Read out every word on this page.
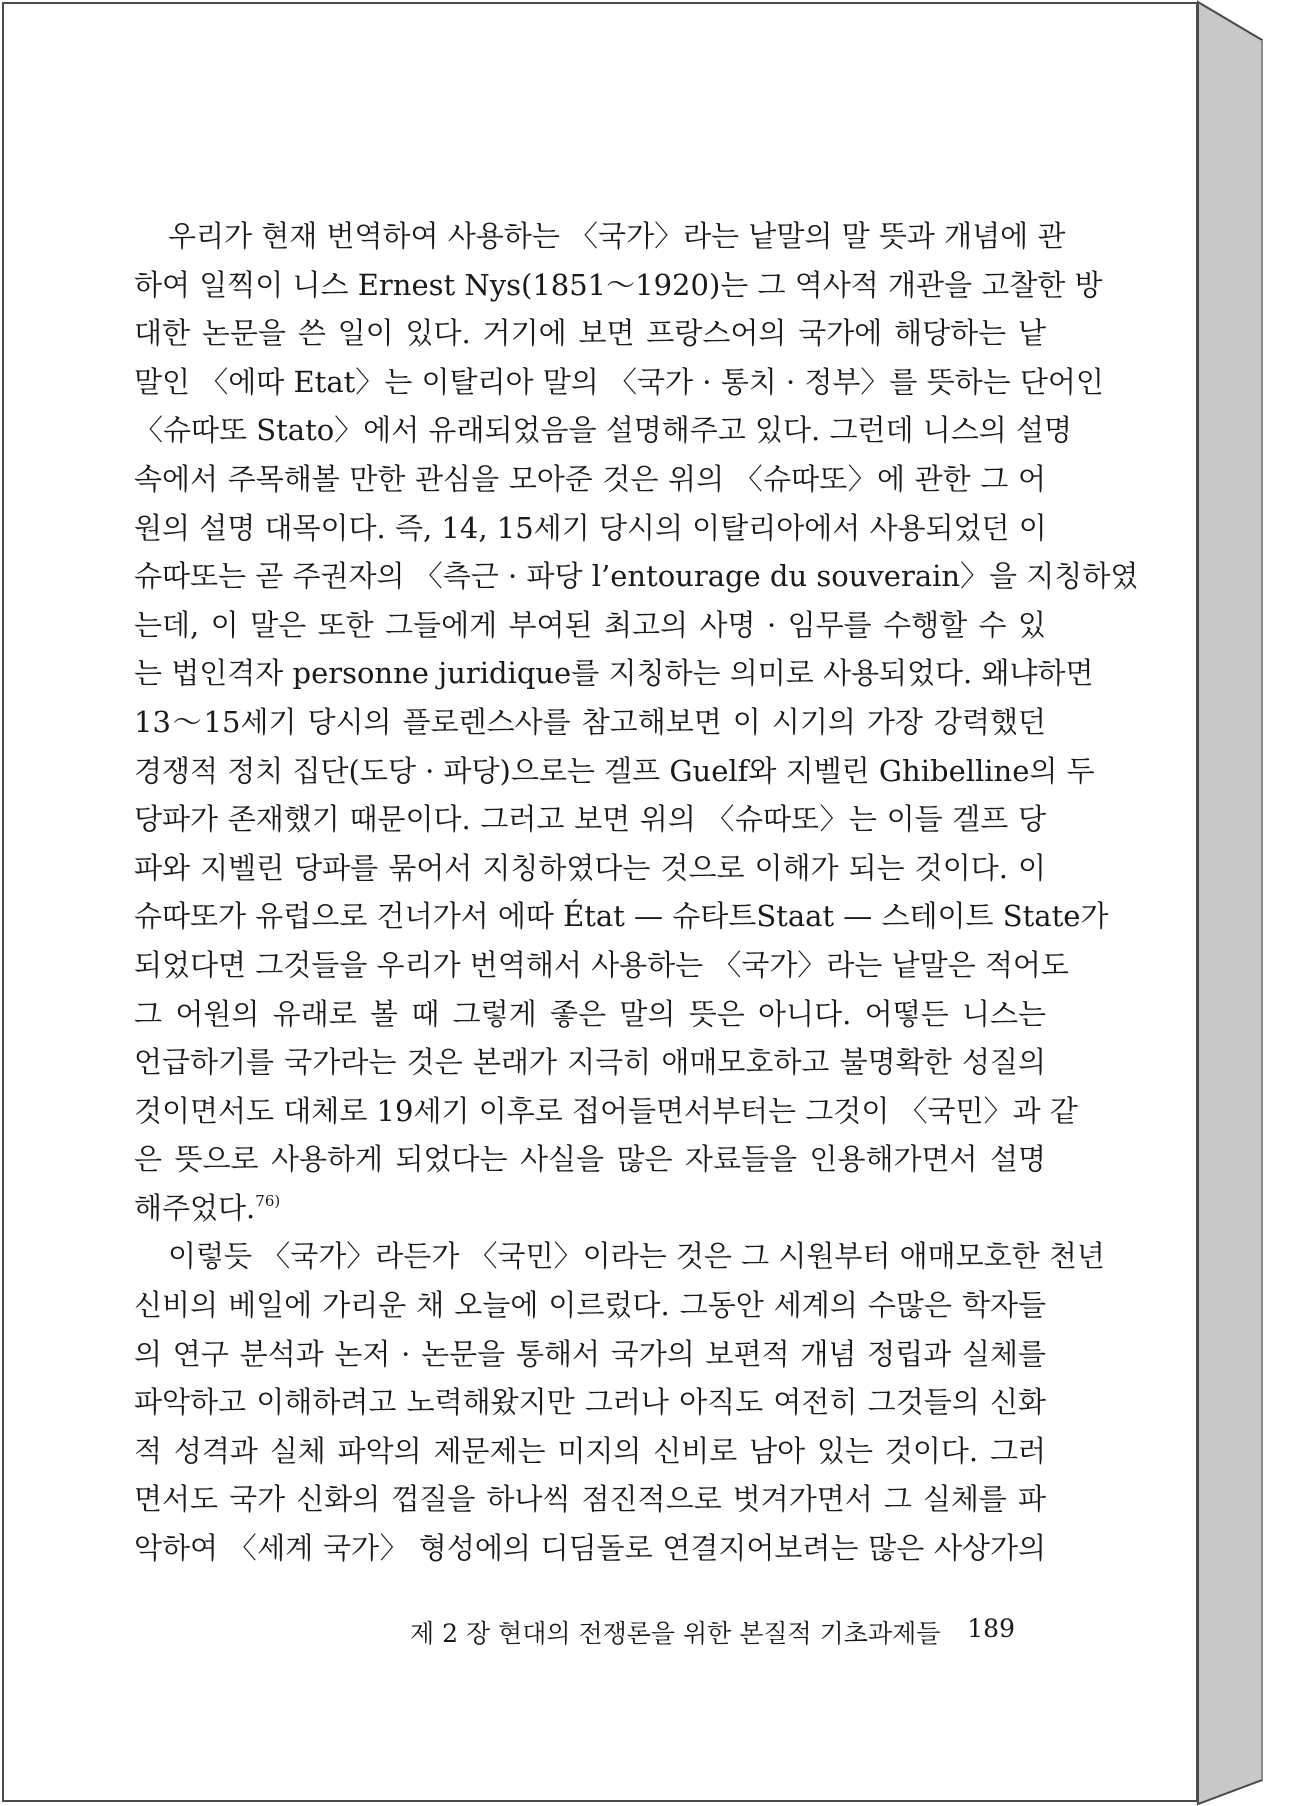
우리가 현재 번역하여 사용하는 〈국가〉라는 낱말의 말 뜻과 개념에 관
하여 일찍이 니스 Ernest Nys(1851～1920)는 그 역사적 개관을 고찰한 방
대한 논문을 쓴 일이 있다. 거기에 보면 프랑스어의 국가에 해당하는 낱
말인 〈에따 Etat〉는 이탈리아 말의 〈국가 · 통치 · 정부〉를 뜻하는 단어인
〈슈따또 Stato〉에서 유래되었음을 설명해주고 있다. 그런데 니스의 설명
속에서 주목해볼 만한 관심을 모아준 것은 위의 〈슈따또〉에 관한 그 어
원의 설명 대목이다. 즉, 14, 15세기 당시의 이탈리아에서 사용되었던 이
슈따또는 곧 주권자의 〈측근 · 파당 l’entourage du souverain〉을 지칭하였
는데, 이 말은 또한 그들에게 부여된 최고의 사명 · 임무를 수행할 수 있
는 법인격자 personne juridique를 지칭하는 의미로 사용되었다. 왜냐하면
13～15세기 당시의 플로렌스사를 참고해보면 이 시기의 가장 강력했던
경쟁적 정치 집단(도당 · 파당)으로는 겔프 Guelf와 지벨린 Ghibelline의 두
당파가 존재했기 때문이다. 그러고 보면 위의 〈슈따또〉는 이들 겔프 당
파와 지벨린 당파를 묶어서 지칭하였다는 것으로 이해가 되는 것이다. 이
슈따또가 유럽으로 건너가서 에따 État — 슈타트Staat — 스테이트 State가
되었다면 그것들을 우리가 번역해서 사용하는 〈국가〉라는 낱말은 적어도
그 어원의 유래로 볼 때 그렇게 좋은 말의 뜻은 아니다. 어떻든 니스는
언급하기를 국가라는 것은 본래가 지극히 애매모호하고 불명확한 성질의
것이면서도 대체로 19세기 이후로 접어들면서부터는 그것이 〈국민〉과 같
은 뜻으로 사용하게 되었다는 사실을 많은 자료들을 인용해가면서 설명
해주었다.$^{76)}$
이렇듯 〈국가〉라든가 〈국민〉이라는 것은 그 시원부터 애매모호한 천년
신비의 베일에 가리운 채 오늘에 이르렀다. 그동안 세계의 수많은 학자들
의 연구 분석과 논저 · 논문을 통해서 국가의 보편적 개념 정립과 실체를
파악하고 이해하려고 노력해왔지만 그러나 아직도 여전히 그것들의 신화
적 성격과 실체 파악의 제문제는 미지의 신비로 남아 있는 것이다. 그러
면서도 국가 신화의 껍질을 하나씩 점진적으로 벗겨가면서 그 실체를 파
악하여 〈세계 국가〉 형성에의 디딤돌로 연결지어보려는 많은 사상가의
제 2 장 현대의 전쟁론을 위한 본질적 기초과제들 189
